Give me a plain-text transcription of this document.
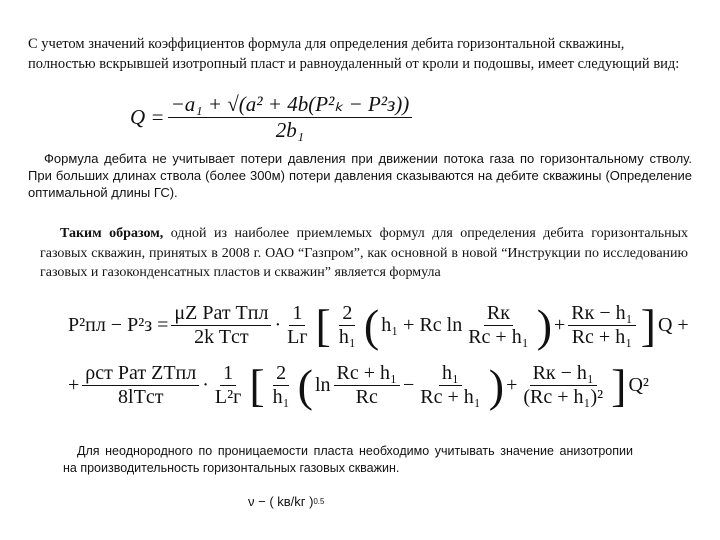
С учетом значений коэффициентов формула для определения дебита горизонтальной скважины, полностью вскрывшей изотропный пласт и равноудаленный от кроли и подошвы, имеет следующий вид:
$Q = \frac{\text{−a₁ + √(a² + 4b(P²ₖ − P²з))}}{\text{2b₁}}$
Формула дебита не учитывает потери давления при движении потока газа по горизонтальному стволу. При больших длинах ствола (более 300м) потери давления сказываются на дебите скважины (Определение оптимальной длины ГС).
Таким образом, одной из наиболее приемлемых формул для определения дебита горизонтальных газовых скважин, принятых в 2008 г. ОАО “Газпром”, как основной в новой “Инструкции по исследованию газовых и газоконденсатных пластов и скважин” является формула
$P^2пл - P^2з = \frac{\text{μZ Pат Tпл}}{\text{2k Tст}} \cdot \frac{1}{Lг}$ [ $\frac{2}{\text{h₁}}$ ( h₁ + Rс $\ln \frac{Rк}{\text{Rс + h₁}}$ ) + $\frac{\text{Rк − h₁}}{\text{Rс + h₁}}$ ] Q +
+ $\frac{\text{ρст Pат ZTпл}}{\text{8lTст}} \cdot \frac{1}{\text{L²г}}$ [ $\frac{2}{\text{h₁}}$ ( $\ln \frac{\text{Rс + h₁}}{Rс} - \frac{\text{h₁}}{\text{Rс + h₁}}$ ) + $\frac{\text{Rк − h₁}}{\text{(Rс + h₁)²}}$ ] Q²
Для неоднородного по проницаемости пласта необходимо учитывать значение анизотропии на производительность горизонтальных газовых скважин.
ν − ( kв/kг ) 0.5
